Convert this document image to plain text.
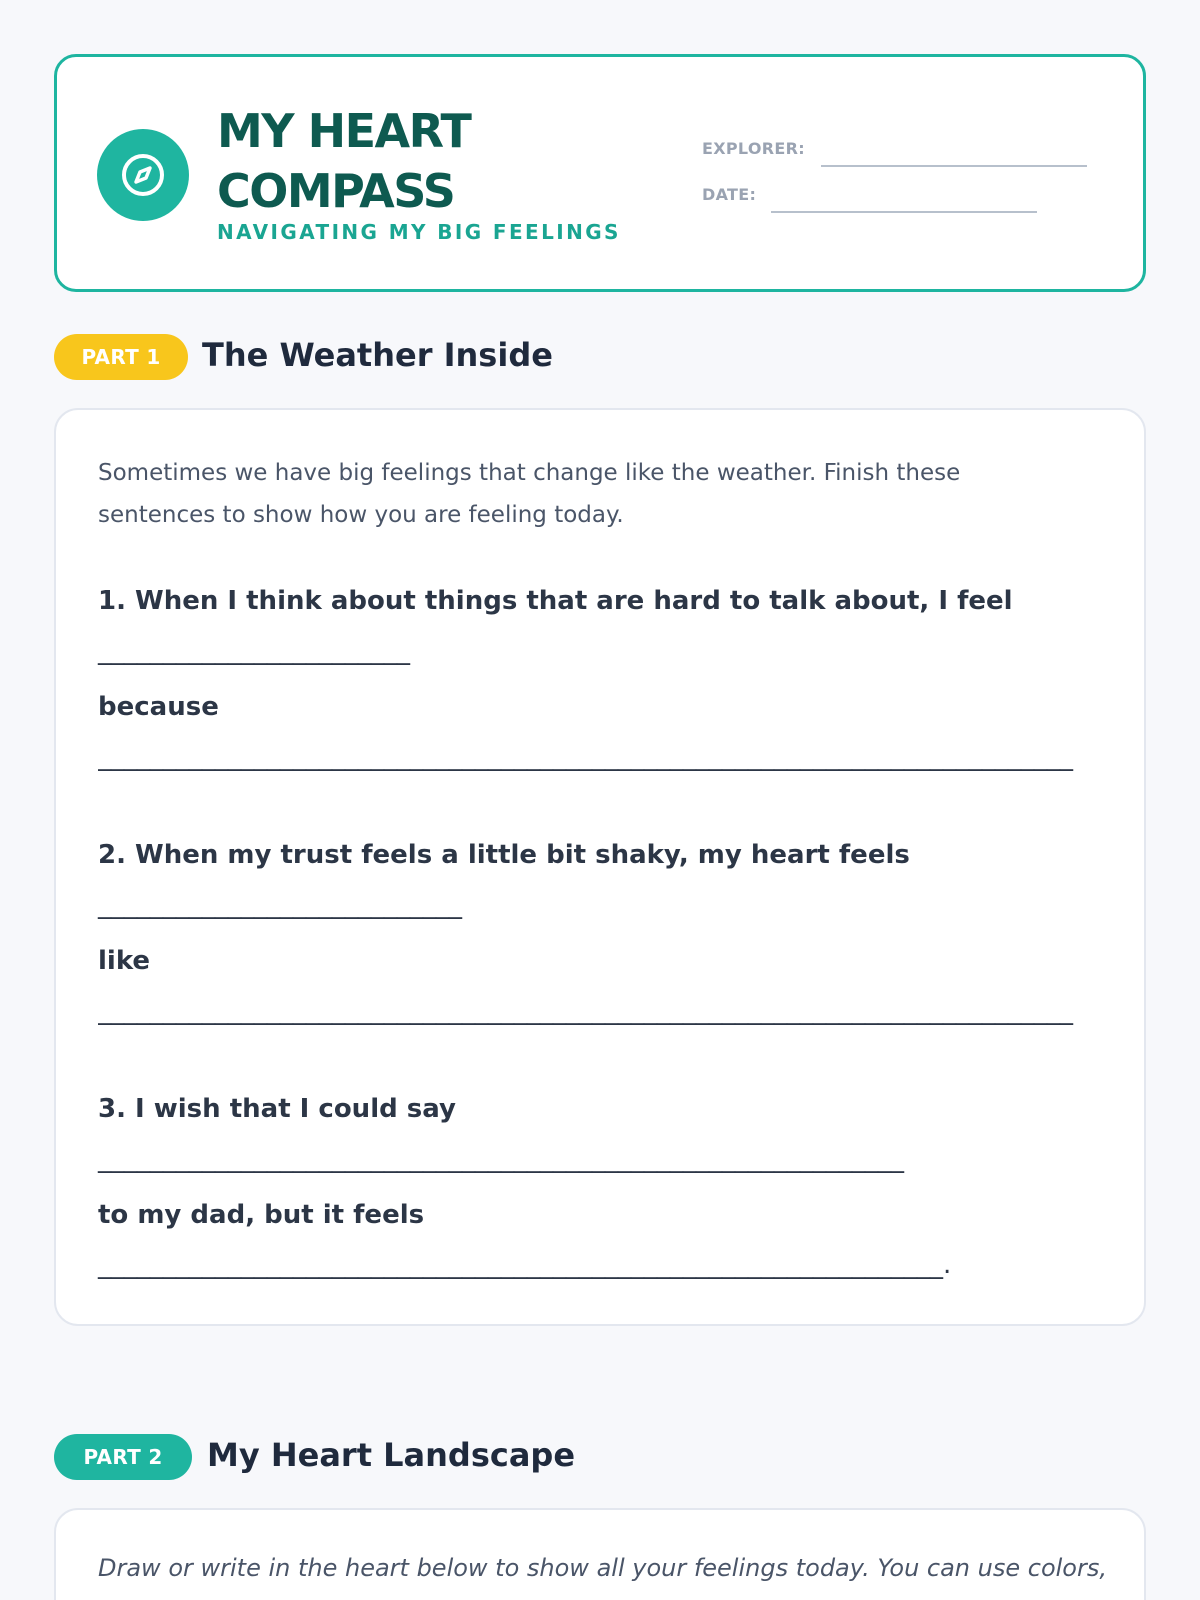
MY HEART
COMPASS
NAVIGATING MY BIG FEELINGS
EXPLORER:
DATE:
PART 1	The Weather Inside
Sometimes we have big feelings that change like the weather. Finish these sentences to show how you are feeling today.
1. When I think about things that are hard to talk about, I feel
________________________
because
___________________________________________________________________________
2. When my trust feels a little bit shaky, my heart feels
____________________________
like
___________________________________________________________________________
3. I wish that I could say
______________________________________________________________
to my dad, but it feels
_________________________________________________________________.
PART 2	My Heart Landscape
Draw or write in the heart below to show all your feelings today. You can use colors,
